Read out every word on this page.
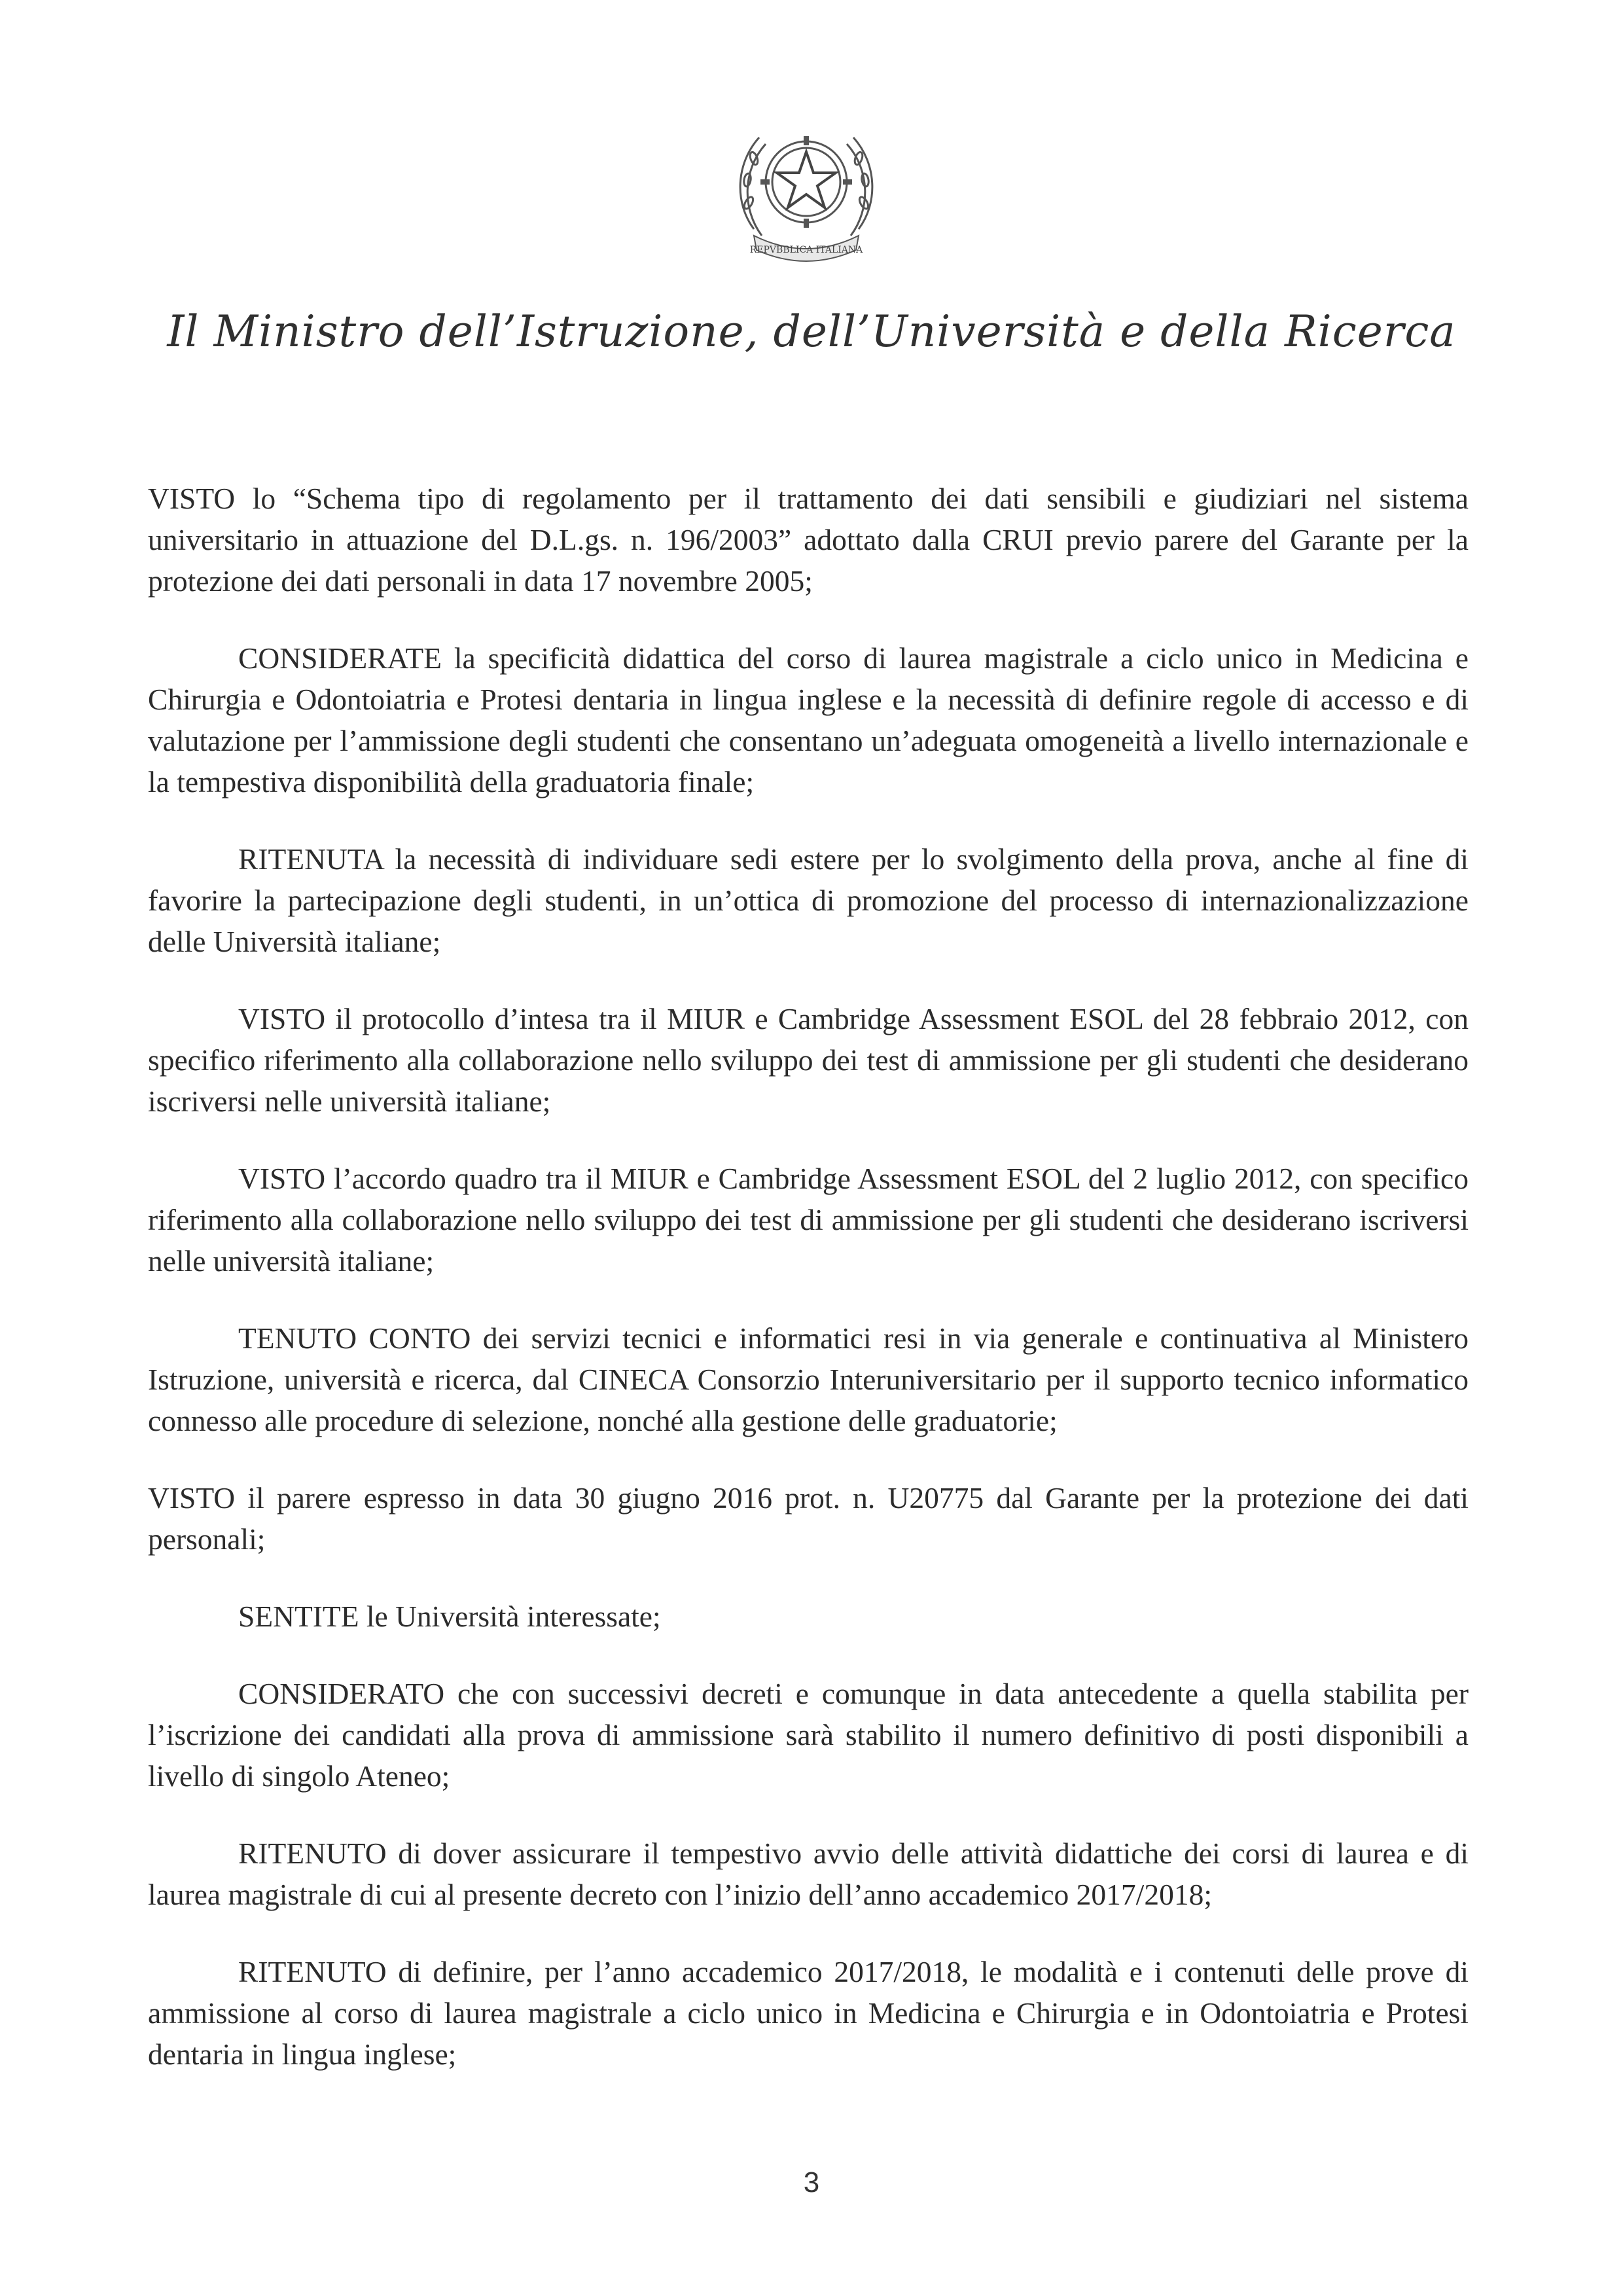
REPVBBLICA ITALIANA
Il Ministro dell’Istruzione, dell’Università e della Ricerca

VISTO lo “Schema tipo di regolamento per il trattamento dei dati sensibili e giudiziari nel sistema universitario in attuazione del D.L.gs. n. 196/2003” adottato dalla CRUI previo parere del Garante per la protezione dei dati personali in data 17 novembre 2005;

CONSIDERATE la specificità didattica del corso di laurea magistrale a ciclo unico in Medicina e Chirurgia e Odontoiatria e Protesi dentaria in lingua inglese e la necessità di definire regole di accesso e di valutazione per l’ammissione degli studenti che consentano un’adeguata omogeneità a livello internazionale e la tempestiva disponibilità della graduatoria finale;

RITENUTA la necessità di individuare sedi estere per lo svolgimento della prova, anche al fine di favorire la partecipazione degli studenti, in un’ottica di promozione del processo di internazionalizzazione delle Università italiane;

VISTO il protocollo d’intesa tra il MIUR e Cambridge Assessment ESOL del 28 febbraio 2012, con specifico riferimento alla collaborazione nello sviluppo dei test di ammissione per gli studenti che desiderano iscriversi nelle università italiane;

VISTO l’accordo quadro tra il MIUR e Cambridge Assessment ESOL del 2 luglio 2012, con specifico riferimento alla collaborazione nello sviluppo dei test di ammissione per gli studenti che desiderano iscriversi nelle università italiane;

TENUTO CONTO dei servizi tecnici e informatici resi in via generale e continuativa al Ministero Istruzione, università e ricerca, dal CINECA Consorzio Interuniversitario per il supporto tecnico informatico connesso alle procedure di selezione, nonché alla gestione delle graduatorie;

VISTO il parere espresso in data 30 giugno 2016 prot. n. U20775 dal Garante per la protezione dei dati personali;

SENTITE le Università interessate;

CONSIDERATO che con successivi decreti e comunque in data antecedente a quella stabilita per l’iscrizione dei candidati alla prova di ammissione sarà stabilito il numero definitivo di posti disponibili a livello di singolo Ateneo;

RITENUTO di dover assicurare il tempestivo avvio delle attività didattiche dei corsi di laurea e di laurea magistrale di cui al presente decreto con l’inizio dell’anno accademico 2017/2018;

RITENUTO di definire, per l’anno accademico 2017/2018, le modalità e i contenuti delle prove di ammissione al corso di laurea magistrale a ciclo unico in Medicina e Chirurgia e in Odontoiatria e Protesi dentaria in lingua inglese;

3
